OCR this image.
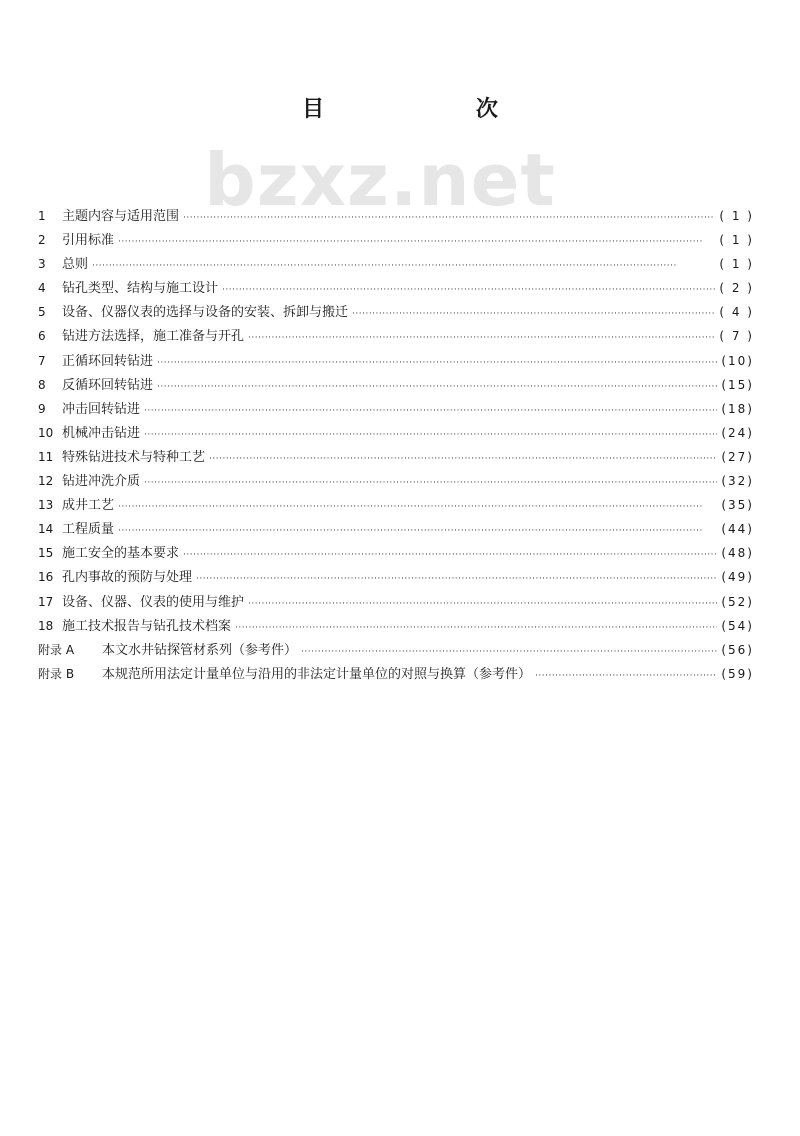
bzxz.net
目 次
1	主题内容与适用范围 ·····	( 1 )
2	引用标准 ·····	( 1 )
3	总则 ·····	( 1 )
4	钻孔类型、结构与施工设计 ·····	( 2 )
5	设备、仪器仪表的选择与设备的安装、拆卸与搬迁 ·····	( 4 )
6	钻进方法选择，施工准备与开孔 ·····	( 7 )
7	正循环回转钻进 ·····	(10)
8	反循环回转钻进 ·····	(15)
9	冲击回转钻进 ·····	(18)
10 机械冲击钻进 ·····	(24)
11 特殊钻进技术与特种工艺 ·····	(27)
12 钻进冲洗介质 ·····	(32)
13 成井工艺 ·····	(35)
14 工程质量 ·····	(44)
15 施工安全的基本要求 ·····	(48)
16 孔内事故的预防与处理 ·····	(49)
17 设备、仪器、仪表的使用与维护 ·····	(52)
18 施工技术报告与钻孔技术档案 ·····	(54)
附录 A	本文水井钻探管材系列（参考件） ·····	(56)
附录 B	本规范所用法定计量单位与沿用的非法定计量单位的对照与换算（参考件） ·····	(59)
